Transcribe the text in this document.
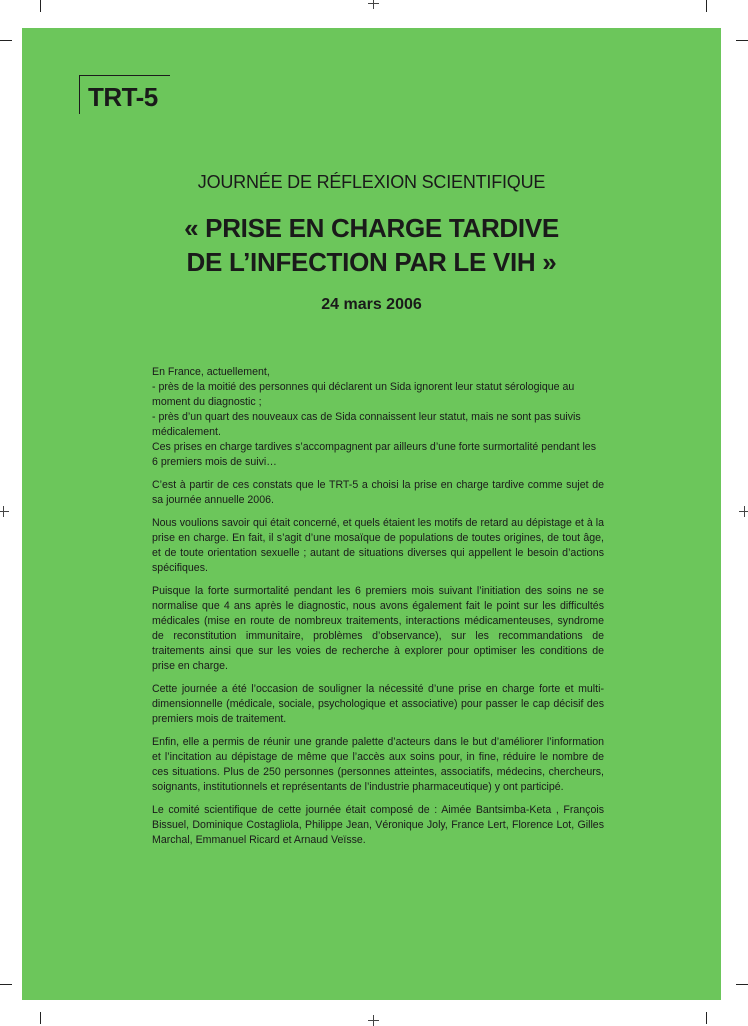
TRT-5
JOURNÉE DE RÉFLEXION SCIENTIFIQUE
« PRISE EN CHARGE TARDIVE
DE L’INFECTION PAR LE VIH »
24 mars 2006

En France, actuellement,
- près de la moitié des personnes qui déclarent un Sida ignorent leur statut sérologique au moment du diagnostic ;
- près d’un quart des nouveaux cas de Sida connaissent leur statut, mais ne sont pas suivis médicalement.
Ces prises en charge tardives s’accompagnent par ailleurs d’une forte surmortalité pendant les 6 premiers mois de suivi…

C’est à partir de ces constats que le TRT-5 a choisi la prise en charge tardive comme sujet de sa journée annuelle 2006.

Nous voulions savoir qui était concerné, et quels étaient les motifs de retard au dépistage et à la prise en charge. En fait, il s’agit d’une mosaïque de populations de toutes origines, de tout âge, et de toute orientation sexuelle ; autant de situations diverses qui appellent le besoin d’actions spécifiques.

Puisque la forte surmortalité pendant les 6 premiers mois suivant l’initiation des soins ne se normalise que 4 ans après le diagnostic, nous avons également fait le point sur les difficultés médicales (mise en route de nombreux traitements, interactions médicamenteuses, syndrome de reconstitution immunitaire, problèmes d’observance), sur les recommandations de traitements ainsi que sur les voies de recherche à explorer pour optimiser les conditions de prise en charge.

Cette journée a été l’occasion de souligner la nécessité d’une prise en charge forte et multi-dimensionnelle (médicale, sociale, psychologique et associative) pour passer le cap décisif des premiers mois de traitement.

Enfin, elle a permis de réunir une grande palette d’acteurs dans le but d’améliorer l’information et l’incitation au dépistage de même que l’accès aux soins pour, in fine, réduire le nombre de ces situations. Plus de 250 personnes (personnes atteintes, associatifs, médecins, chercheurs, soignants, institutionnels et représentants de l’industrie pharmaceutique) y ont participé.

Le comité scientifique de cette journée était composé de : Aimée Bantsimba-Keta , François Bissuel, Dominique Costagliola, Philippe Jean, Véronique Joly, France Lert, Florence Lot, Gilles Marchal, Emmanuel Ricard et Arnaud Veïsse.
